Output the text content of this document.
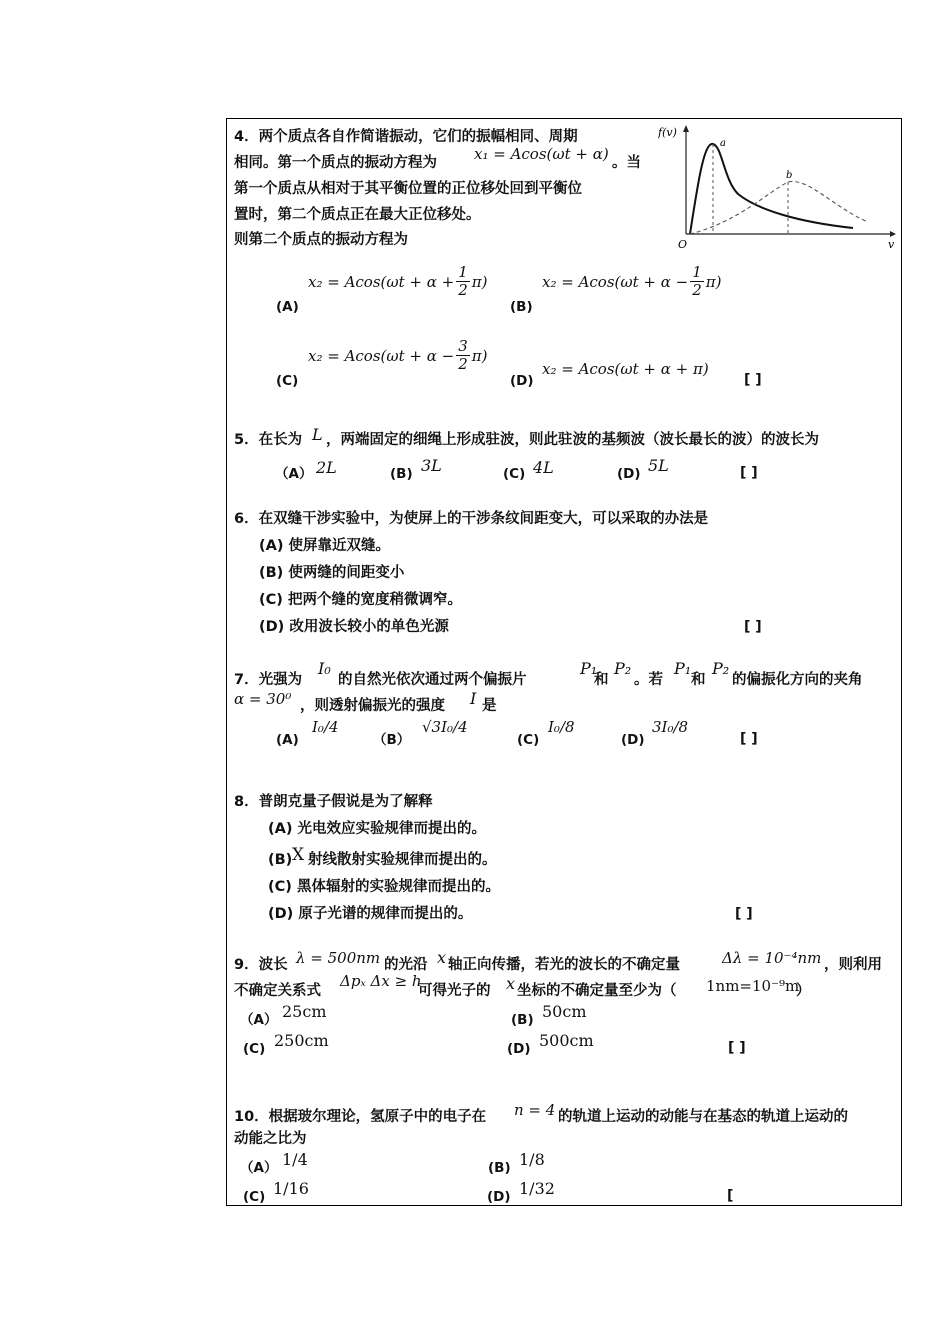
4．两个质点各自作简谐振动，它们的振幅相同、周期
相同。第一个质点的振动方程为 x₁ = Acos(ωt + α) 。当
第一个质点从相对于其平衡位置的正位移处回到平衡位
置时，第二个质点正在最大正位移处。
则第二个质点的振动方程为
f(v)
v
O
a
b
(A)
$x_2 = Acos(\omega t + \alpha + \frac{1}{2} \pi)$
(B)
$x_2 = Acos(\omega t + \alpha - \frac{1}{2} \pi)$
(C)
$x_2 = Acos(\omega t + \alpha - \frac{3}{2} \pi)$
(D)
x₂ = Acos(ωt + α + π)
[ ]
5．在长为 L ，两端固定的细绳上形成驻波，则此驻波的基频波（波长最长的波）的波长为
（A） 2L	(B) 3L	(C) 4L	(D) 5L	[ ]
6．在双缝干涉实验中，为使屏上的干涉条纹间距变大，可以采取的办法是
(A) 使屏靠近双缝。
(B) 使两缝的间距变小
(C) 把两个缝的宽度稍微调窄。
(D) 改用波长较小的单色光源	[ ]
7．光强为
I₀
的自然光依次通过两个偏振片
P₁
和
P₂
。若
P₁
和
P₂
的偏振化方向的夹角
α = 30⁰ ，则透射偏振光的强度 I 是
(A)
I₀/4
（B）
√3I₀/4
(C)
I₀/8
(D)
3I₀/8
[ ]
8．普朗克量子假说是为了解释
(A) 光电效应实验规律而提出的。
(B) X 射线散射实验规律而提出的。
(C) 黑体辐射的实验规律而提出的。
(D) 原子光谱的规律而提出的。	[ ]
9．波长 λ = 500nm 的光沿 x 轴正向传播，若光的波长的不确定量	Δλ = 10⁻⁴nm ，则利用
不确定关系式
Δpₓ Δx ≥ h
可得光子的 x 坐标的不确定量至少为（ 1nm=10⁻⁹m
）
（A） 25cm	(B) 50cm
(C) 250cm	(D) 500cm	[ ]
10．根据玻尔理论，氢原子中的电子在 n = 4 的轨道上运动的动能与在基态的轨道上运动的
动能之比为
（A） 1/4	(B) 1/8
(C) 1/16	(D) 1/32	[
